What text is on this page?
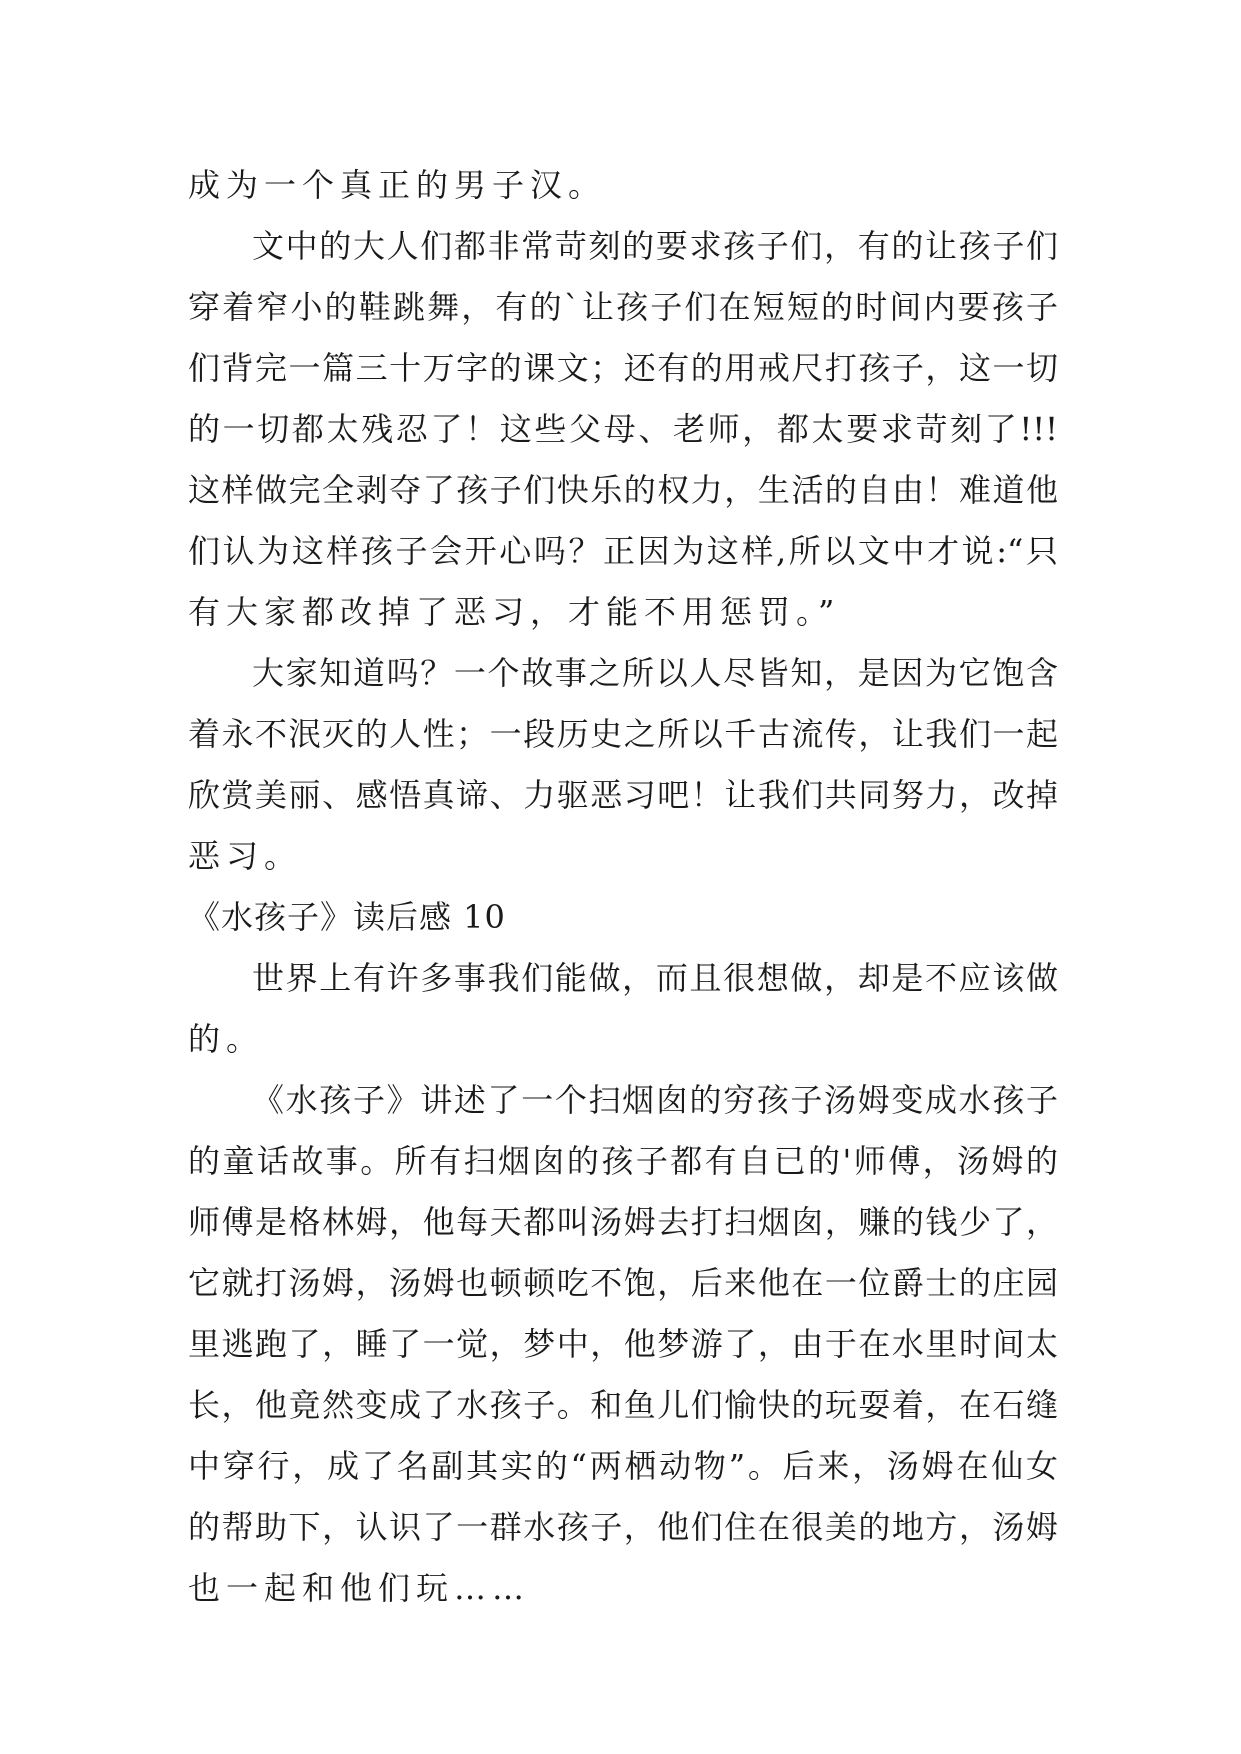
成为一个真正的男子汉。
文中的大人们都非常苛刻的要求孩子们，有的让孩子们
穿着窄小的鞋跳舞，有的`让孩子们在短短的时间内要孩子
们背完一篇三十万字的课文；还有的用戒尺打孩子，这一切
的一切都太残忍了！这些父母、老师，都太要求苛刻了!!!
这样做完全剥夺了孩子们快乐的权力，生活的自由！难道他
们认为这样孩子会开心吗？正因为这样,所以文中才说:“只
有大家都改掉了恶习，才能不用惩罚。”
大家知道吗？一个故事之所以人尽皆知，是因为它饱含
着永不泯灭的人性；一段历史之所以千古流传，让我们一起
欣赏美丽、感悟真谛、力驱恶习吧！让我们共同努力，改掉
恶习。
《水孩子》读后感 10
世界上有许多事我们能做，而且很想做，却是不应该做
的。
《水孩子》讲述了一个扫烟囱的穷孩子汤姆变成水孩子
的童话故事。所有扫烟囱的孩子都有自已的'师傅，汤姆的
师傅是格林姆，他每天都叫汤姆去打扫烟囱，赚的钱少了，
它就打汤姆，汤姆也顿顿吃不饱，后来他在一位爵士的庄园
里逃跑了，睡了一觉，梦中，他梦游了，由于在水里时间太
长，他竟然变成了水孩子。和鱼儿们愉快的玩耍着，在石缝
中穿行，成了名副其实的“两栖动物”。后来，汤姆在仙女
的帮助下，认识了一群水孩子，他们住在很美的地方，汤姆
也一起和他们玩……
